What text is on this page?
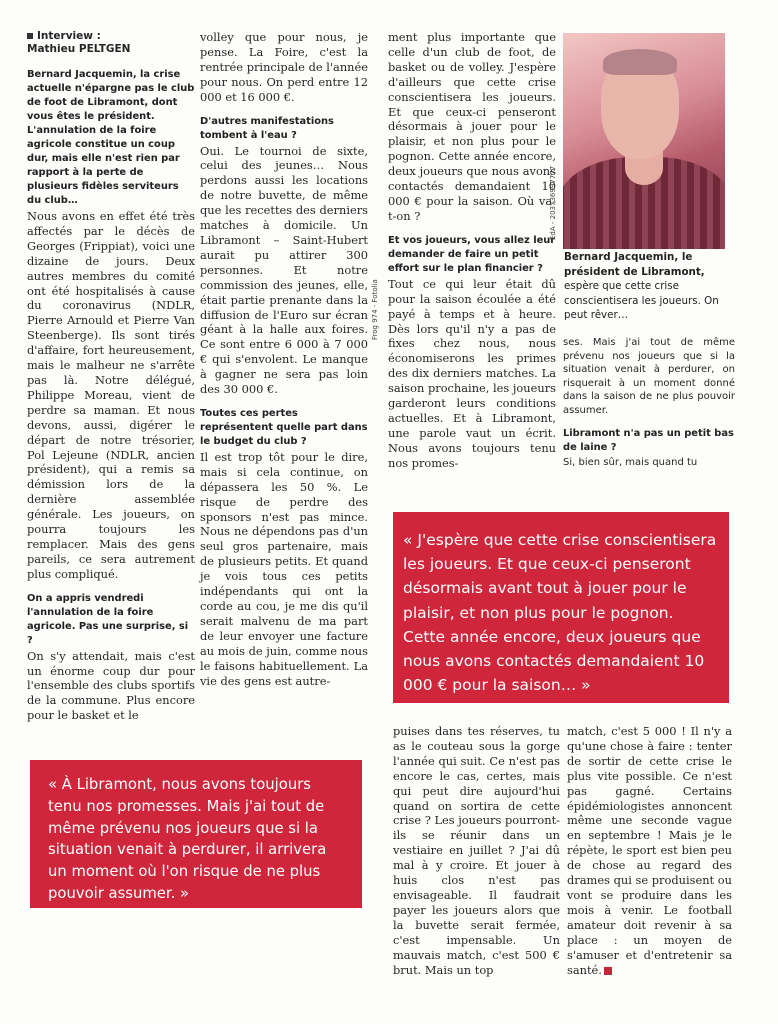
Interview :
Mathieu PELTGEN

Bernard Jacquemin, la crise actuelle n'épargne pas le club de foot de Libramont, dont vous êtes le président. L'annulation de la foire agricole constitue un coup dur, mais elle n'est rien par rapport à la perte de plusieurs fidèles serviteurs du club…

Nous avons en effet été très affectés par le décès de Georges (Frippiat), voici une dizaine de jours. Deux autres membres du comité ont été hospitalisés à cause du coronavirus (NDLR, Pierre Arnould et Pierre Van Steenberge). Ils sont tirés d'affaire, fort heureusement, mais le malheur ne s'arrête pas là. Notre délégué, Philippe Moreau, vient de perdre sa maman. Et nous devons, aussi, digérer le départ de notre trésorier, Pol Lejeune (NDLR, ancien président), qui a remis sa démission lors de la dernière assemblée générale. Les joueurs, on pourra toujours les remplacer. Mais des gens pareils, ce sera autrement plus compliqué.

On a appris vendredi l'annulation de la foire agricole. Pas une surprise, si ?

On s'y attendait, mais c'est un énorme coup dur pour l'ensemble des clubs sportifs de la commune. Plus encore pour le basket et le

volley que pour nous, je pense. La Foire, c'est la rentrée principale de l'année pour nous. On perd entre 12 000 et 16 000 €.

D'autres manifestations tombent à l'eau ?

Oui. Le tournoi de sixte, celui des jeunes… Nous perdons aussi les locations de notre buvette, de même que les recettes des derniers matches à domicile. Un Libramont – Saint-Hubert aurait pu attirer 300 personnes. Et notre commission des jeunes, elle, était partie prenante dans la diffusion de l'Euro sur écran géant à la halle aux foires. Ce sont entre 6 000 à 7 000 € qui s'envolent. Le manque à gagner ne sera pas loin des 30 000 €.

Toutes ces pertes représentent quelle part dans le budget du club ?

Il est trop tôt pour le dire, mais si cela continue, on dépassera les 50 %. Le risque de perdre des sponsors n'est pas mince. Nous ne dépendons pas d'un seul gros partenaire, mais de plusieurs petits. Et quand je vois tous ces petits indépendants qui ont la corde au cou, je me dis qu'il serait malvenu de ma part de leur envoyer une facture au mois de juin, comme nous le faisons habituellement. La vie des gens est autre-

Frog 974 - Fotolia

ment plus importante que celle d'un club de foot, de basket ou de volley. J'espère d'ailleurs que cette crise conscientisera les joueurs. Et que ceux-ci penseront désormais à jouer pour le plaisir, et non plus pour le pognon. Cette année encore, deux joueurs que nous avons contactés demandaient 10 000 € pour la saison. Où va-t-on ?

Et vos joueurs, vous allez leur demander de faire un petit effort sur le plan financier ?

Tout ce qui leur était dû pour la saison écoulée a été payé à temps et à heure. Dès lors qu'il n'y a pas de fixes chez nous, nous économiserons les primes des dix derniers matches. La saison prochaine, les joueurs garderont leurs conditions actuelles. Et à Libramont, une parole vaut un écrit. Nous avons toujours tenu nos promes-

EdA - 203736997777
Bernard Jacquemin, le président de Libramont, espère que cette crise conscientisera les joueurs. On peut rêver…

ses. Mais j'ai tout de même prévenu nos joueurs que si la situation venait à perdurer, on risquerait à un moment donné dans la saison de ne plus pouvoir assumer.

Libramont n'a pas un petit bas de laine ?

Si, bien sûr, mais quand tu

« J'espère que cette crise conscientisera les joueurs. Et que ceux-ci penseront désormais avant tout à jouer pour le plaisir, et non plus pour le pognon. Cette année encore, deux joueurs que nous avons contactés demandaient 10 000 € pour la saison… »

puises dans tes réserves, tu as le couteau sous la gorge l'année qui suit. Ce n'est pas encore le cas, certes, mais qui peut dire aujourd'hui quand on sortira de cette crise ? Les joueurs pourront-ils se réunir dans un vestiaire en juillet ? J'ai dû mal à y croire. Et jouer à huis clos n'est pas envisageable. Il faudrait payer les joueurs alors que la buvette serait fermée, c'est impensable. Un mauvais match, c'est 500 € brut. Mais un top

match, c'est 5 000 ! Il n'y a qu'une chose à faire : tenter de sortir de cette crise le plus vite possible. Ce n'est pas gagné. Certains épidémiologistes annoncent même une seconde vague en septembre ! Mais je le répète, le sport est bien peu de chose au regard des drames qui se produisent ou vont se produire dans les mois à venir. Le football amateur doit revenir à sa place : un moyen de s'amuser et d'entretenir sa santé.

« À Libramont, nous avons toujours tenu nos promesses. Mais j'ai tout de même prévenu nos joueurs que si la situation venait à perdurer, il arrivera un moment où l'on risque de ne plus pouvoir assumer. »
